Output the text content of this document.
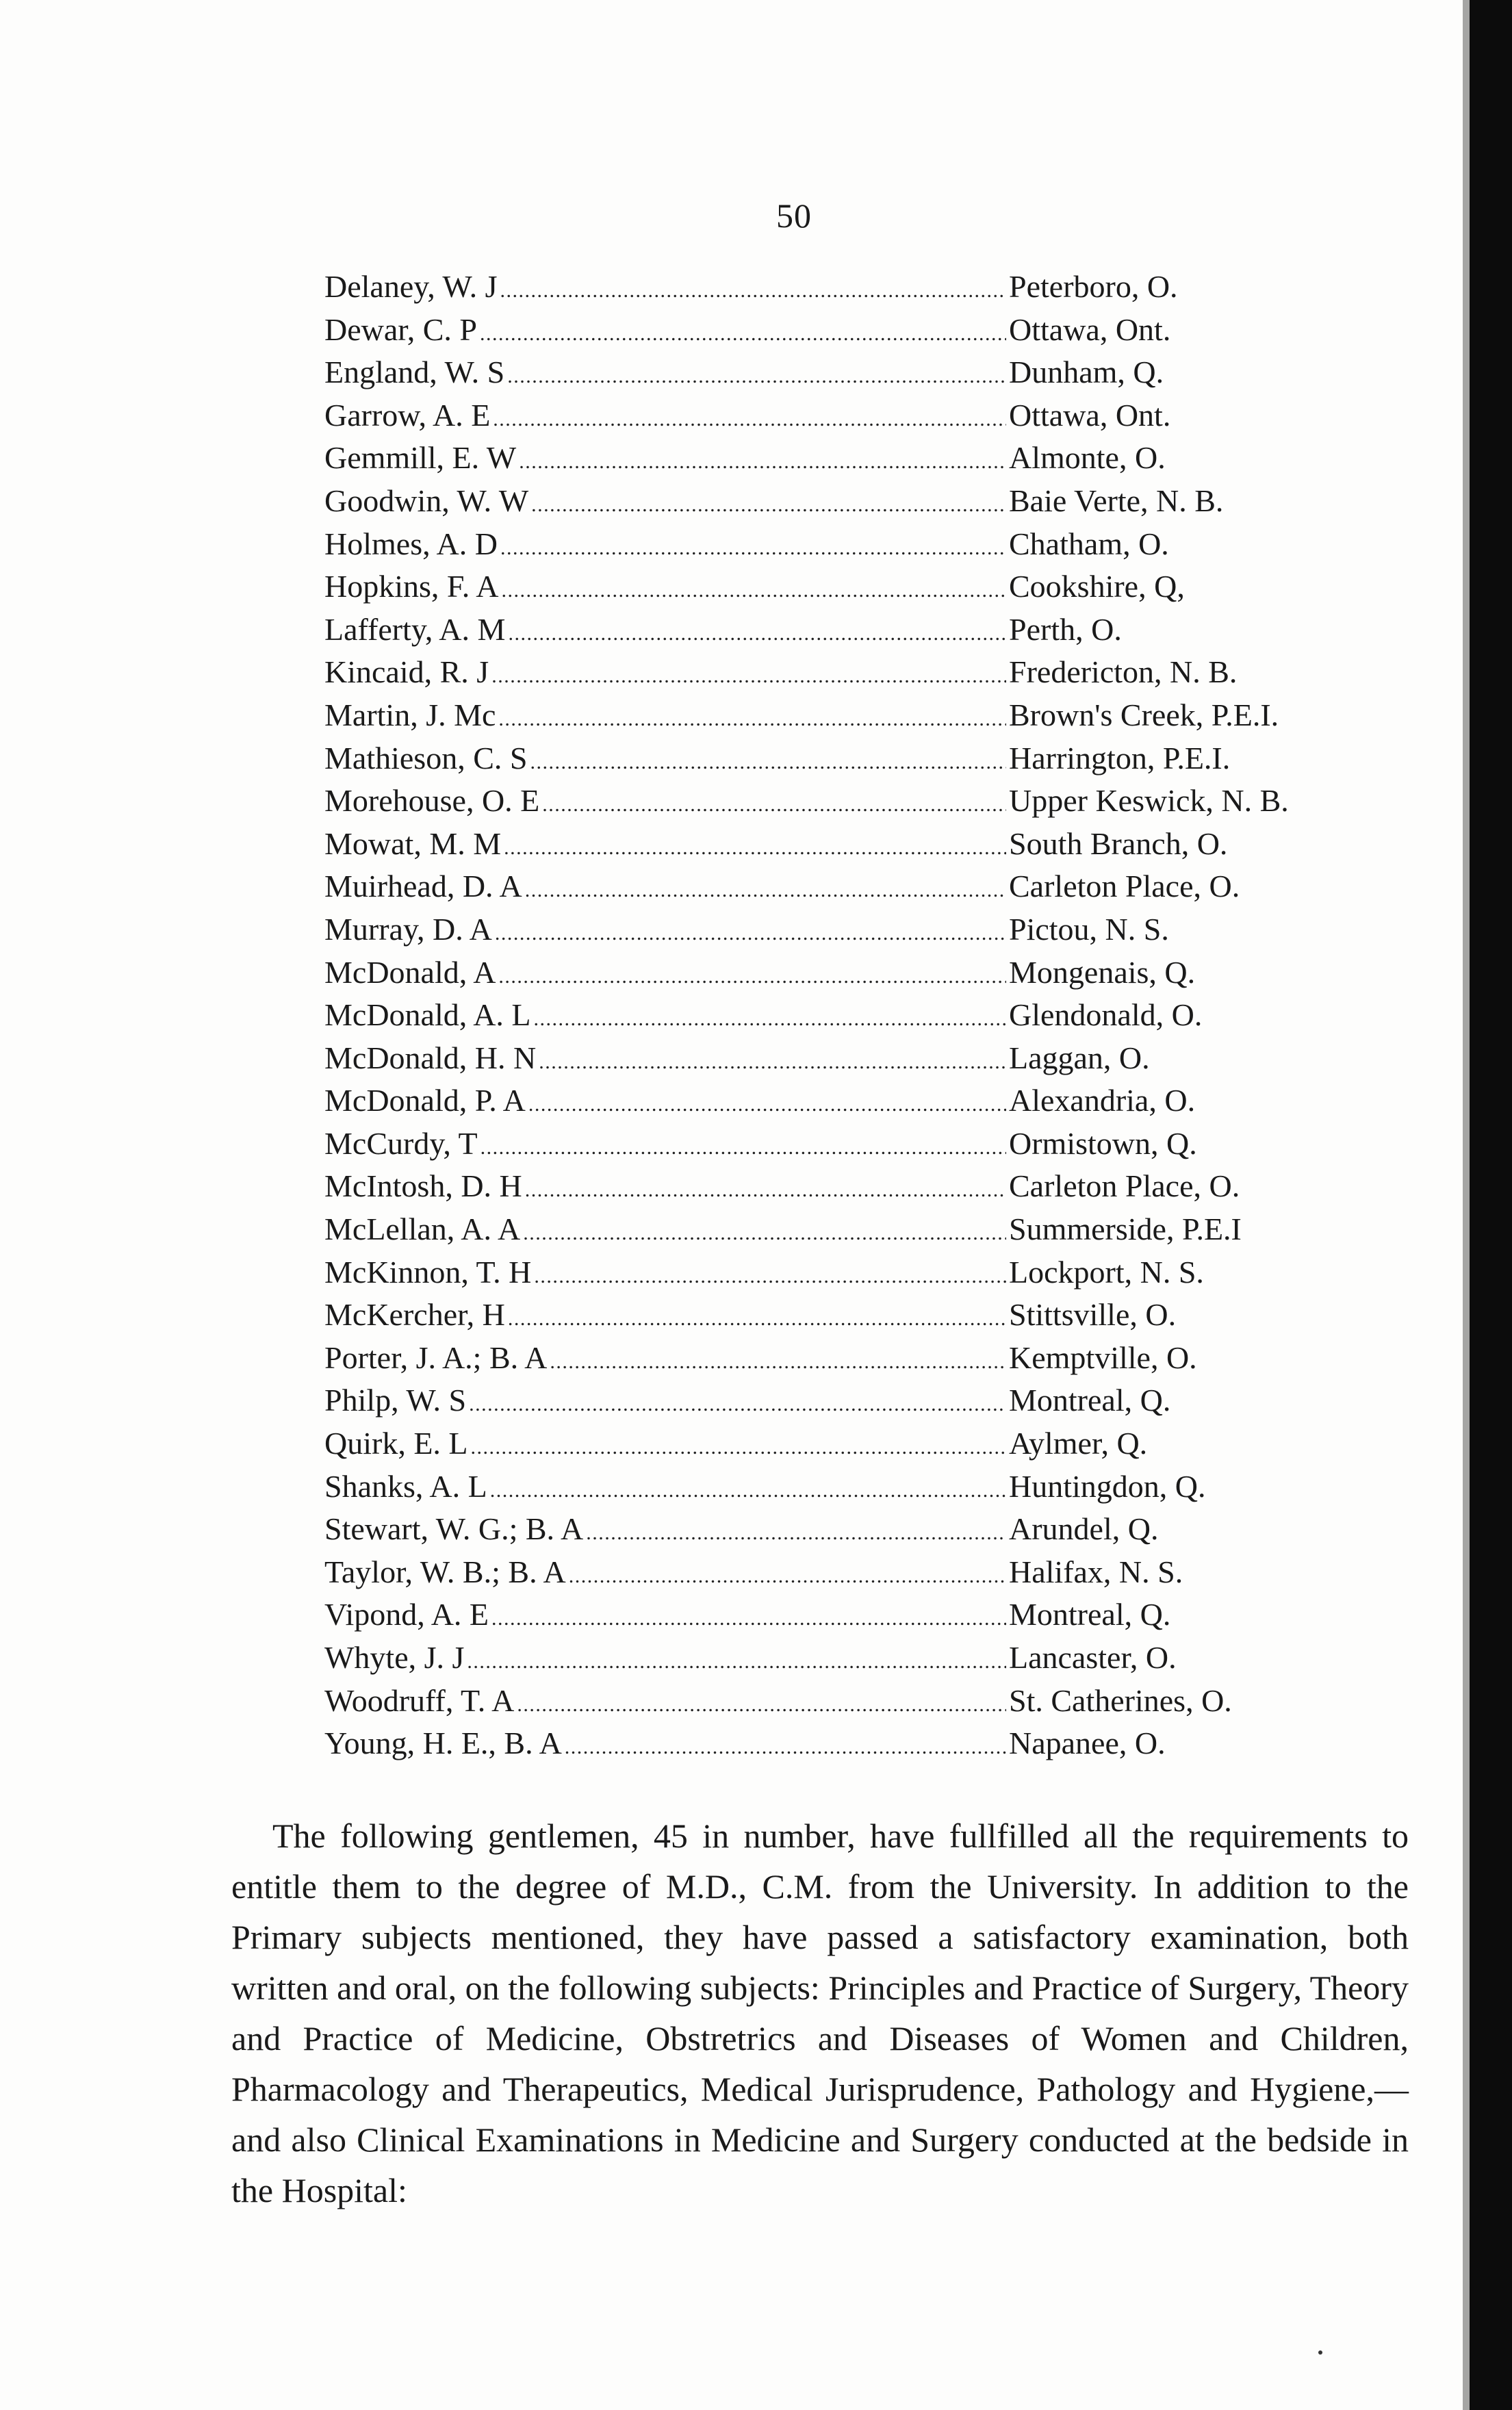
50
Delaney, W. J . . .	Peterboro, O.
Dewar, C. P . . .	Ottawa, Ont.
England, W. S . . .	Dunham, Q.
Garrow, A. E . . .	Ottawa, Ont.
Gemmill, E. W . . .	Almonte, O.
Goodwin, W. W . . .	Baie Verte, N. B.
Holmes, A. D . . .	Chatham, O.
Hopkins, F. A . . .	Cookshire, Q,
Lafferty, A. M . . .	Perth, O.
Kincaid, R. J . . .	Fredericton, N. B.
Martin, J. Mc . . .	Brown's Creek, P.E.I.
Mathieson, C. S . . .	Harrington, P.E.I.
Morehouse, O. E . . .	Upper Keswick, N. B.
Mowat, M. M . . .	South Branch, O.
Muirhead, D. A . . .	Carleton Place, O.
Murray, D. A . . .	Pictou, N. S.
McDonald, A . . .	Mongenais, Q.
McDonald, A. L . . .	Glendonald, O.
McDonald, H. N . . .	Laggan, O.
McDonald, P. A . . .	Alexandria, O.
McCurdy, T . . .	Ormistown, Q.
McIntosh, D. H . . .	Carleton Place, O.
McLellan, A. A . . .	Summerside, P.E.I
McKinnon, T. H . . .	Lockport, N. S.
McKercher, H . . .	Stittsville, O.
Porter, J. A.; B. A . . .	Kemptville, O.
Philp, W. S . . .	Montreal, Q.
Quirk, E. L . . .	Aylmer, Q.
Shanks, A. L . . .	Huntingdon, Q.
Stewart, W. G.; B. A . . .	Arundel, Q.
Taylor, W. B.; B. A . . .	Halifax, N. S.
Vipond, A. E . . .	Montreal, Q.
Whyte, J. J . . .	Lancaster, O.
Woodruff, T. A . . .	St. Catherines, O.
Young, H. E., B. A . . .	Napanee, O.

The following gentlemen, 45 in number, have fullfilled all the requirements to entitle them to the degree of M.D., C.M. from the University. In addition to the Primary subjects mentioned, they have passed a satisfactory examination, both written and oral, on the following subjects: Principles and Practice of Surgery, Theory and Practice of Medicine, Obstretrics and Diseases of Women and Children, Pharmacology and Therapeutics, Medical Jurisprudence, Pathology and Hygiene,—and also Clinical Examinations in Medicine and Surgery conducted at the bedside in the Hospital:
